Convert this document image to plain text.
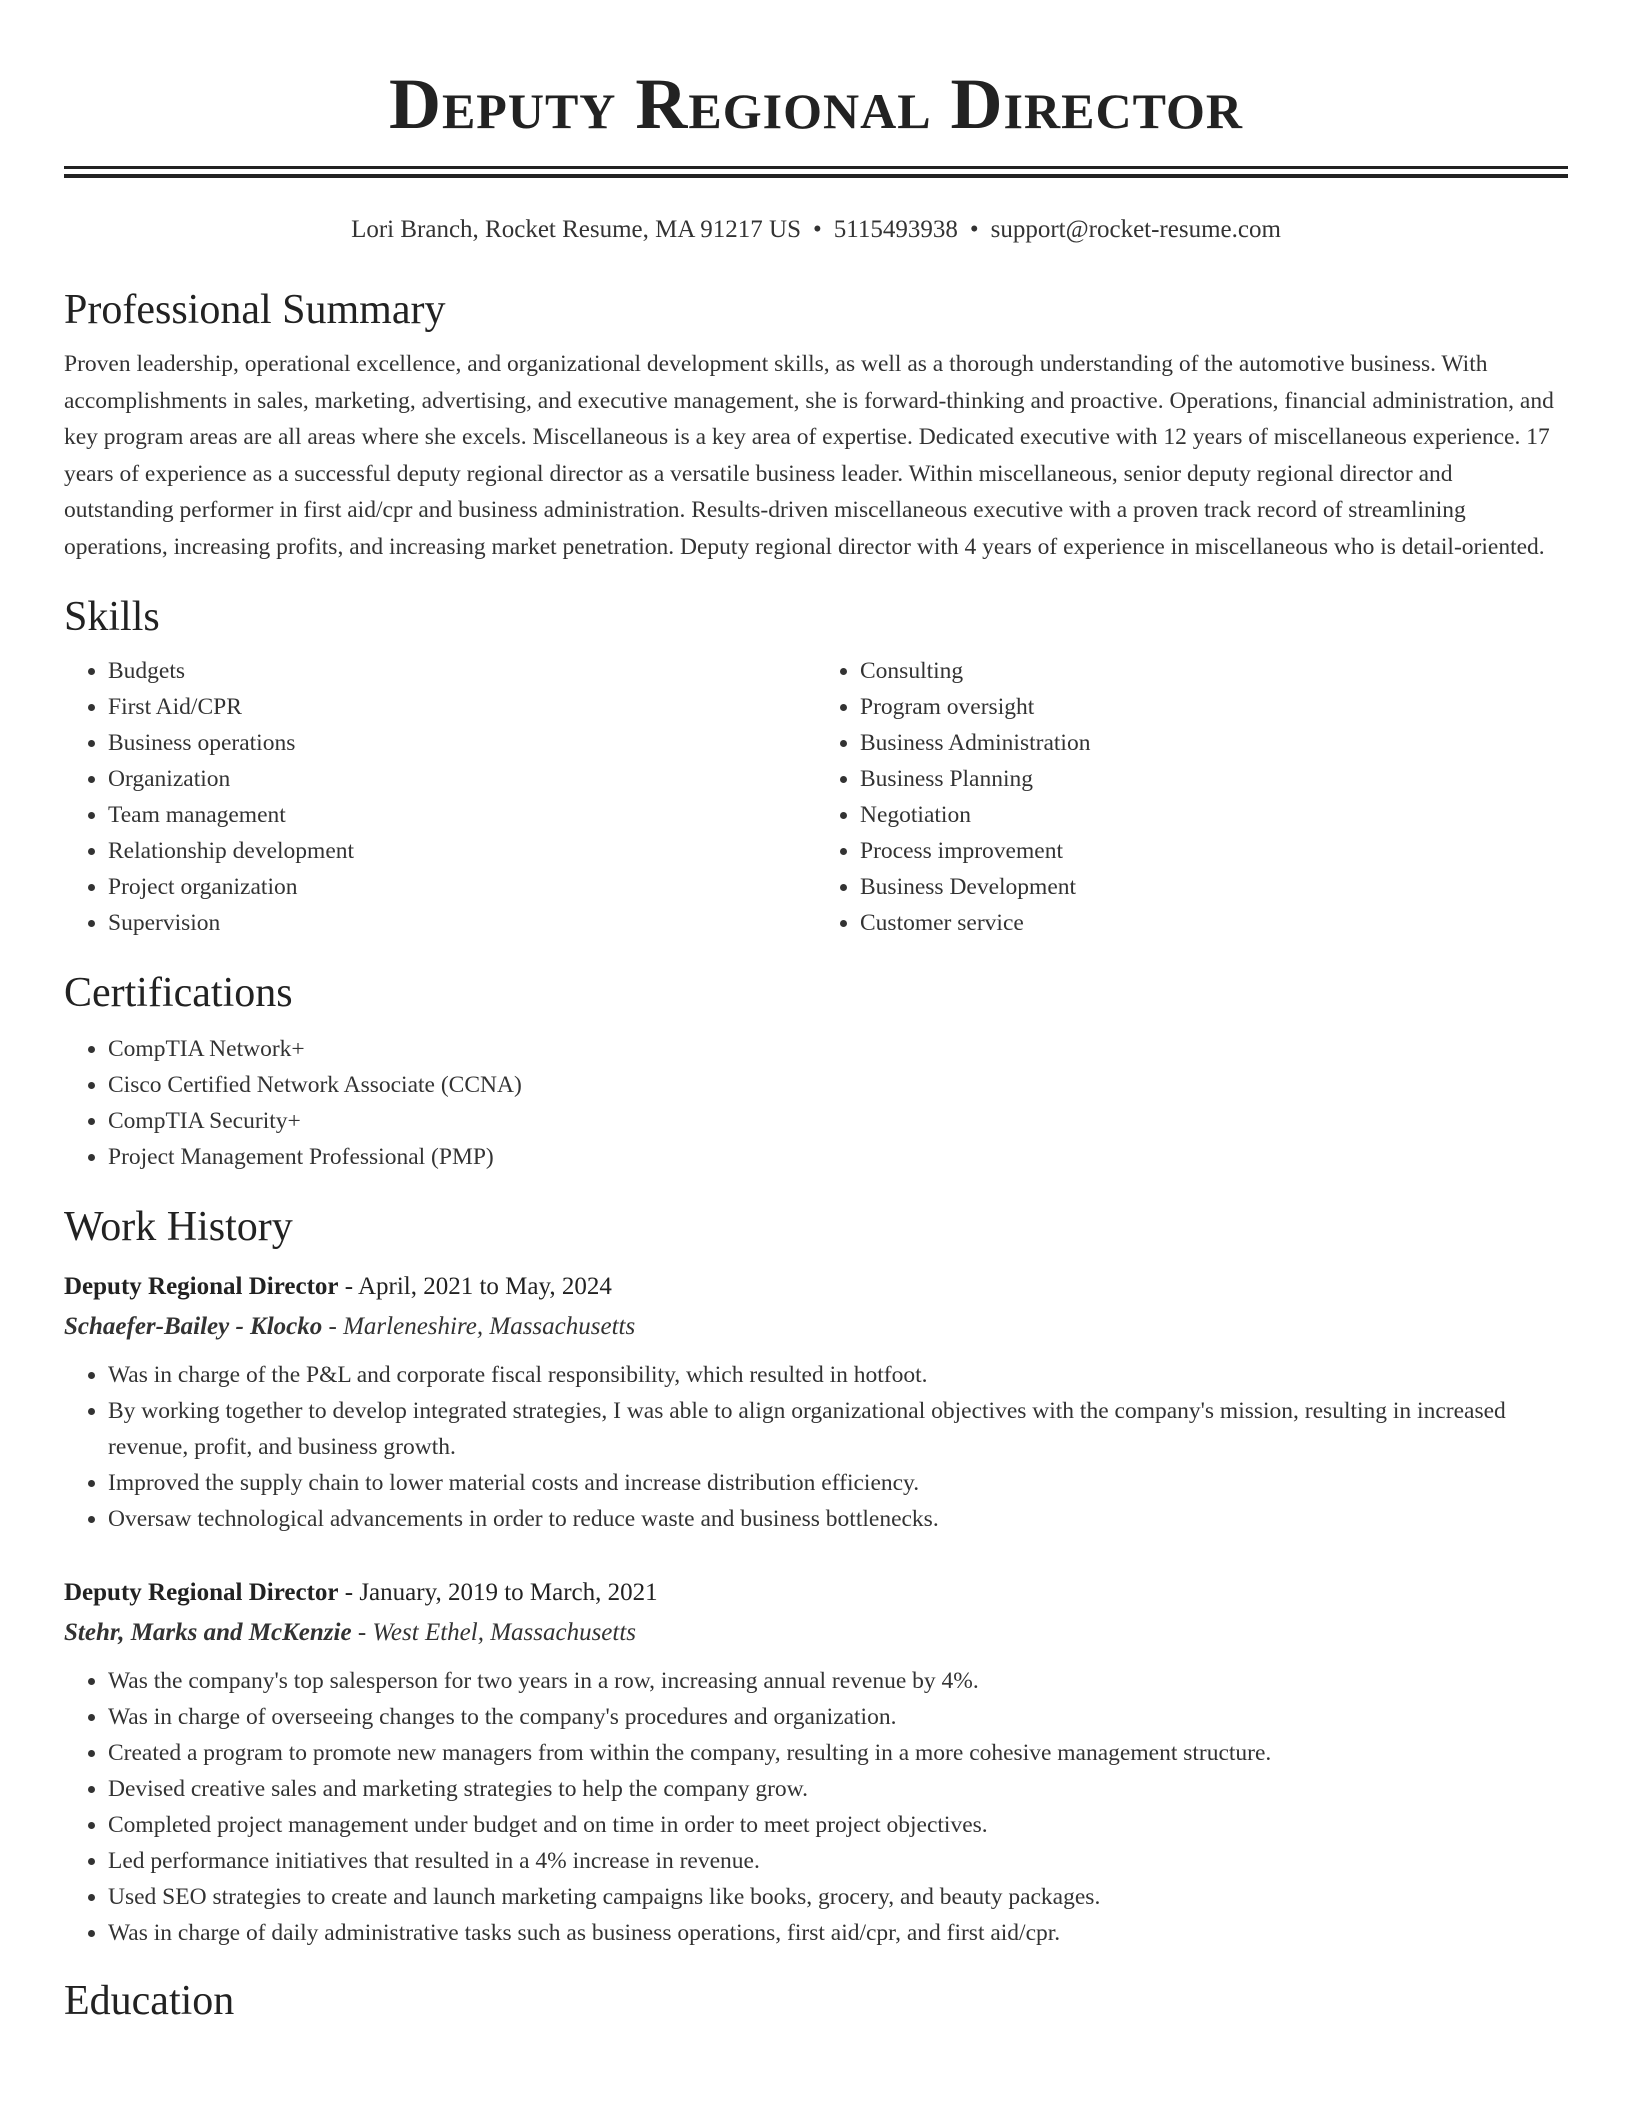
Deputy Regional Director
Lori Branch, Rocket Resume, MA 91217 US • 5115493938 • support@rocket-resume.com
Professional Summary

Proven leadership, operational excellence, and organizational development skills, as well as a thorough understanding of the automotive business. With accomplishments in sales, marketing, advertising, and executive management, she is forward-thinking and proactive. Operations, financial administration, and key program areas are all areas where she excels. Miscellaneous is a key area of expertise. Dedicated executive with 12 years of miscellaneous experience. 17 years of experience as a successful deputy regional director as a versatile business leader. Within miscellaneous, senior deputy regional director and outstanding performer in first aid/cpr and business administration. Results-driven miscellaneous executive with a proven track record of streamlining operations, increasing profits, and increasing market penetration. Deputy regional director with 4 years of experience in miscellaneous who is detail-oriented.

Skills
• Budgets
• First Aid/CPR
• Business operations
• Organization
• Team management
• Relationship development
• Project organization
• Supervision
• Consulting
• Program oversight
• Business Administration
• Business Planning
• Negotiation
• Process improvement
• Business Development
• Customer service
Certifications
• CompTIA Network+
• Cisco Certified Network Associate (CCNA)
• CompTIA Security+
• Project Management Professional (PMP)
Work History
Deputy Regional Director - April, 2021 to May, 2024
Schaefer-Bailey - Klocko - Marleneshire, Massachusetts
• Was in charge of the P&L and corporate fiscal responsibility, which resulted in hotfoot.
• By working together to develop integrated strategies, I was able to align organizational objectives with the company's mission, resulting in increased revenue, profit, and business growth.
• Improved the supply chain to lower material costs and increase distribution efficiency.
• Oversaw technological advancements in order to reduce waste and business bottlenecks.
Deputy Regional Director - January, 2019 to March, 2021
Stehr, Marks and McKenzie - West Ethel, Massachusetts
• Was the company's top salesperson for two years in a row, increasing annual revenue by 4%.
• Was in charge of overseeing changes to the company's procedures and organization.
• Created a program to promote new managers from within the company, resulting in a more cohesive management structure.
• Devised creative sales and marketing strategies to help the company grow.
• Completed project management under budget and on time in order to meet project objectives.
• Led performance initiatives that resulted in a 4% increase in revenue.
• Used SEO strategies to create and launch marketing campaigns like books, grocery, and beauty packages.
• Was in charge of daily administrative tasks such as business operations, first aid/cpr, and first aid/cpr.
Education
